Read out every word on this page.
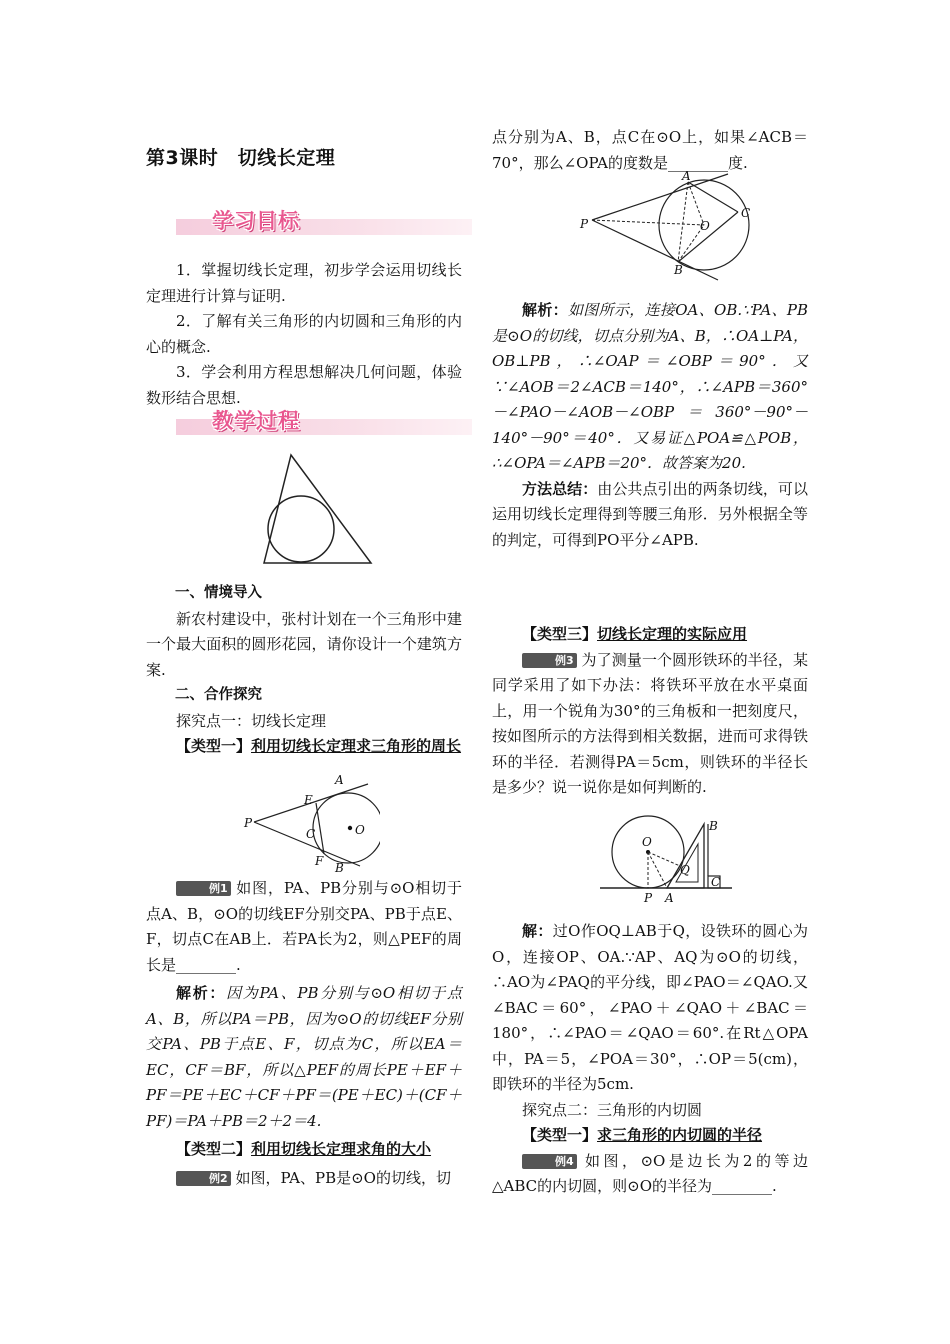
第3课时　切线长定理
学习目标

1．掌握切线长定理，初步学会运用切线长定理进行计算与证明.

2．了解有关三角形的内切圆和三角形的内心的概念.

3．学会利用方程思想解决几何问题，体验数形结合思想.

教学过程

一、情境导入

新农村建设中，张村计划在一个三角形中建一个最大面积的圆形花园，请你设计一个建筑方案.

二、合作探究

探究点一：切线长定理

【类型一】利用切线长定理求三角形的周长

P
A
E
C	O
F B

例1 如图，PA、PB分别与⊙O相切于点A、B，⊙O的切线EF分别交PA、PB于点E、F，切点C在AB上．若PA长为2，则△PEF的周长是________.

解析：因为PA、PB分别与⊙O相切于点A、B，所以PA＝PB，因为⊙O的切线EF分别交PA、PB于点E、F，切点为C，所以EA＝EC，CF＝BF，所以△PEF的周长PE＋EF＋PF＝PE＋EC＋CF＋PF＝(PE＋EC)＋(CF＋PF)＝PA＋PB＝2＋2＝4.

【类型二】利用切线长定理求角的大小

例2 如图，PA、PB是⊙O的切线，切

点分别为A、B，点C在⊙O上，如果∠ACB＝70°，那么∠OPA的度数是________度.

A
P	O
C
B

解析：如图所示，连接OA、OB.∵PA、PB是⊙O的切线，切点分别为A、B，∴OA⊥PA，OB⊥PB，∴∠OAP＝∠OBP＝90°．又∵∠AOB＝2∠ACB＝140°，∴∠APB＝360°－∠PAO－∠AOB－∠OBP＝360°－90°－140°－90°＝40°．又易证△POA≌△POB，∴∠OPA＝∠APB＝20°．故答案为20.

方法总结：由公共点引出的两条切线，可以运用切线长定理得到等腰三角形．另外根据全等的判定，可得到PO平分∠APB.

【类型三】切线长定理的实际应用

例3 为了测量一个圆形铁环的半径，某同学采用了如下办法：将铁环平放在水平桌面上，用一个锐角为30°的三角板和一把刻度尺，按如图所示的方法得到相关数据，进而可求得铁环的半径．若测得PA＝5cm，则铁环的半径长是多少？说一说你是如何判断的.

O
B
Q
C
P A

解：过O作OQ⊥AB于Q，设铁环的圆心为O，连接OP、OA.∵AP、AQ为⊙O的切线，∴AO为∠PAQ的平分线，即∠PAO＝∠QAO.又∠BAC＝60°，∠PAO＋∠QAO＋∠BAC＝180°，∴∠PAO＝∠QAO＝60°.在Rt△OPA中，PA＝5，∠POA＝30°，∴OP＝5(cm)，即铁环的半径为5cm.

探究点二：三角形的内切圆

【类型一】求三角形的内切圆的半径

例4 如图，⊙O是边长为2的等边△ABC的内切圆，则⊙O的半径为________.
